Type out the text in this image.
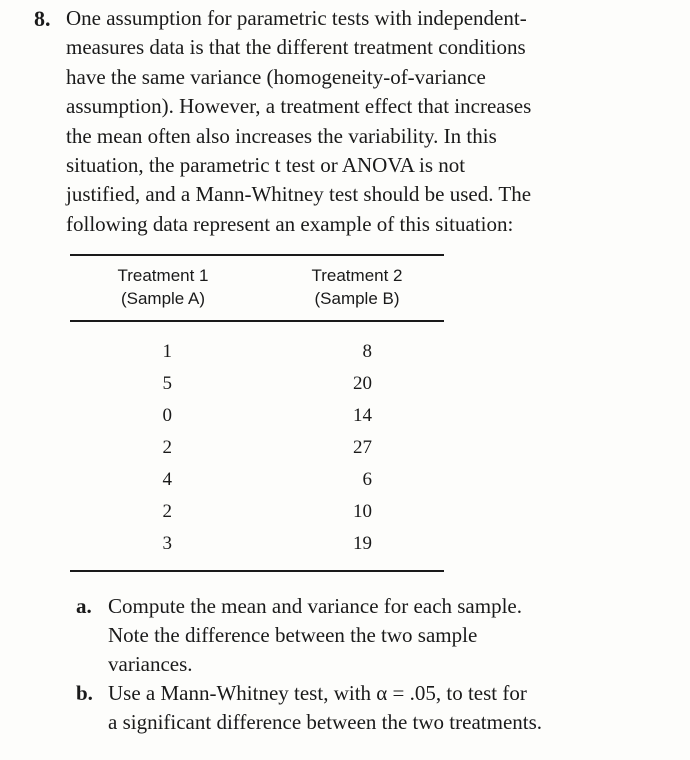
8. One assumption for parametric tests with independent-
measures data is that the different treatment conditions
have the same variance (homogeneity-of-variance
assumption). However, a treatment effect that increases
the mean often also increases the variability. In this
situation, the parametric t test or ANOVA is not
justified, and a Mann-Whitney test should be used. The
following data represent an example of this situation:
Treatment 1
(Sample A)
Treatment 2
(Sample B)
1
5
0
2
4
2
3
8
20
14
27
6
10
19
a. Compute the mean and variance for each sample.
Note the difference between the two sample
variances.
b. Use a Mann-Whitney test, with α = .05, to test for
a significant difference between the two treatments.
